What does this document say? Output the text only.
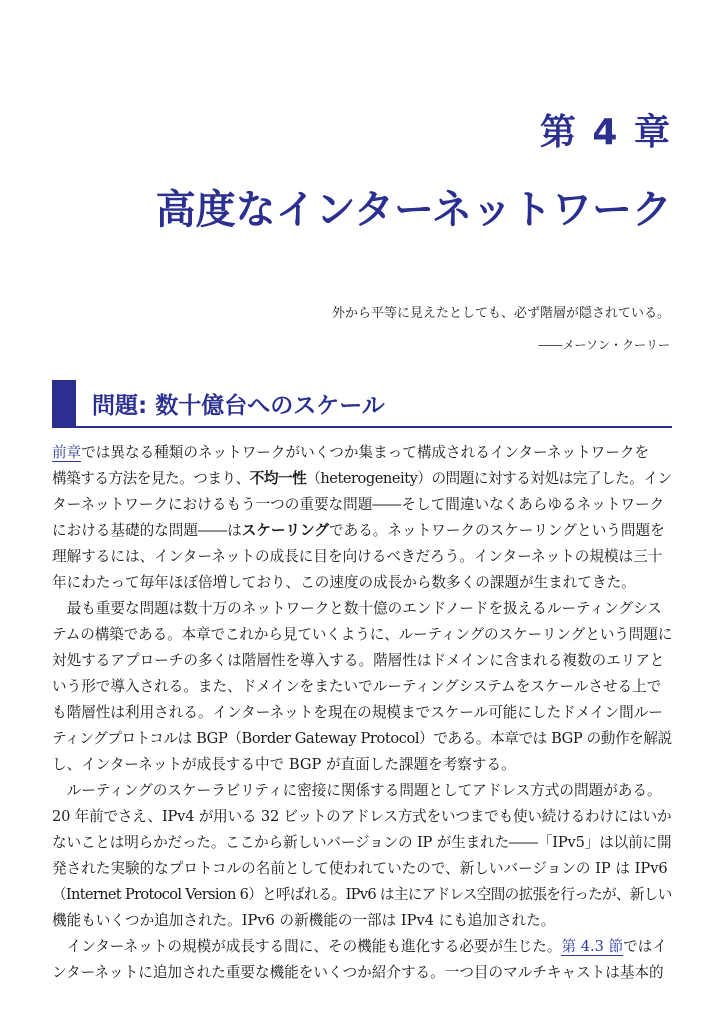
第 4 章
高度なインターネットワーク
外から平等に見えたとしても、必ず階層が隠されている。
――メーソン・クーリー
問題: 数十億台へのスケール
前章では異なる種類のネットワークがいくつか集まって構成されるインターネットワークを
構築する方法を見た。つまり、不均一性（heterogeneity）の問題に対する対処は完了した。イン
ターネットワークにおけるもう一つの重要な問題――そして間違いなくあらゆるネットワーク
における基礎的な問題――はスケーリングである。ネットワークのスケーリングという問題を
理解するには、インターネットの成長に目を向けるべきだろう。インターネットの規模は三十
年にわたって毎年ほぼ倍増しており、この速度の成長から数多くの課題が生まれてきた。
　最も重要な問題は数十万のネットワークと数十億のエンドノードを扱えるルーティングシス
テムの構築である。本章でこれから見ていくように、ルーティングのスケーリングという問題に
対処するアプローチの多くは階層性を導入する。階層性はドメインに含まれる複数のエリアと
いう形で導入される。また、ドメインをまたいでルーティングシステムをスケールさせる上で
も階層性は利用される。インターネットを現在の規模までスケール可能にしたドメイン間ルー
ティングプロトコルは BGP（Border Gateway Protocol）である。本章では BGP の動作を解説
し、インターネットが成長する中で BGP が直面した課題を考察する。
　ルーティングのスケーラビリティに密接に関係する問題としてアドレス方式の問題がある。
20 年前でさえ、IPv4 が用いる 32 ビットのアドレス方式をいつまでも使い続けるわけにはいか
ないことは明らかだった。ここから新しいバージョンの IP が生まれた――「IPv5」は以前に開
発された実験的なプロトコルの名前として使われていたので、新しいバージョンの IP は IPv6
（Internet Protocol Version 6）と呼ばれる。IPv6 は主にアドレス空間の拡張を行ったが、新しい
機能もいくつか追加された。IPv6 の新機能の一部は IPv4 にも追加された。
　インターネットの規模が成長する間に、その機能も進化する必要が生じた。第 4.3 節ではイ
ンターネットに追加された重要な機能をいくつか紹介する。一つ目のマルチキャストは基本的
